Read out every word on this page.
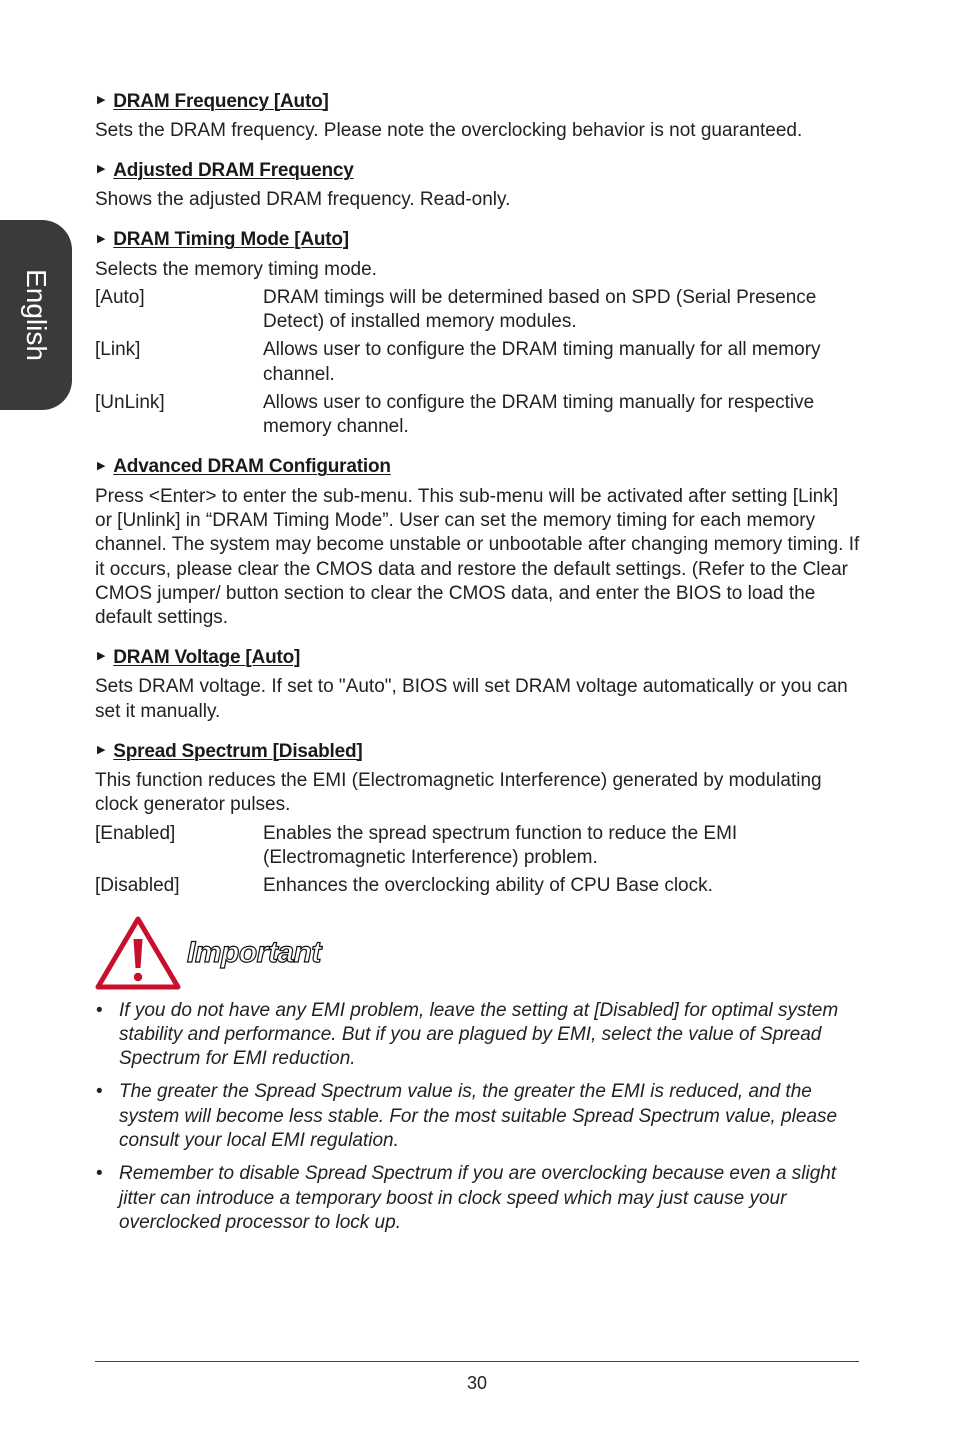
English
▶ DRAM Frequency [Auto]

Sets the DRAM frequency. Please note the overclocking behavior is not guaranteed.

▶ Adjusted DRAM Frequency

Shows the adjusted DRAM frequency. Read-only.

▶ DRAM Timing Mode [Auto]

Selects the memory timing mode.

[Auto]	DRAM timings will be determined based on SPD (Serial Presence Detect) of installed memory modules.
[Link]	Allows user to configure the DRAM timing manually for all memory channel.
[UnLink]	Allows user to configure the DRAM timing manually for respective memory channel.
▶ Advanced DRAM Configuration

Press <Enter> to enter the sub-menu. This sub-menu will be activated after setting [Link] or [Unlink] in “DRAM Timing Mode”. User can set the memory timing for each memory channel. The system may become unstable or unbootable after changing memory timing. If it occurs, please clear the CMOS data and restore the default settings. (Refer to the Clear CMOS jumper/ button section to clear the CMOS data, and enter the BIOS to load the default settings.

▶ DRAM Voltage [Auto]

Sets DRAM voltage. If set to "Auto", BIOS will set DRAM voltage automatically or you can set it manually.

▶ Spread Spectrum [Disabled]

This function reduces the EMI (Electromagnetic Interference) generated by modulating clock generator pulses.

[Enabled]	Enables the spread spectrum function to reduce the EMI (Electromagnetic Interference) problem.
[Disabled]	Enhances the overclocking ability of CPU Base clock.
Important
• If you do not have any EMI problem, leave the setting at [Disabled] for optimal system stability and performance. But if you are plagued by EMI, select the value of Spread Spectrum for EMI reduction.
• The greater the Spread Spectrum value is, the greater the EMI is reduced, and the system will become less stable. For the most suitable Spread Spectrum value, please consult your local EMI regulation.
• Remember to disable Spread Spectrum if you are overclocking because even a slight jitter can introduce a temporary boost in clock speed which may just cause your overclocked processor to lock up.
30
